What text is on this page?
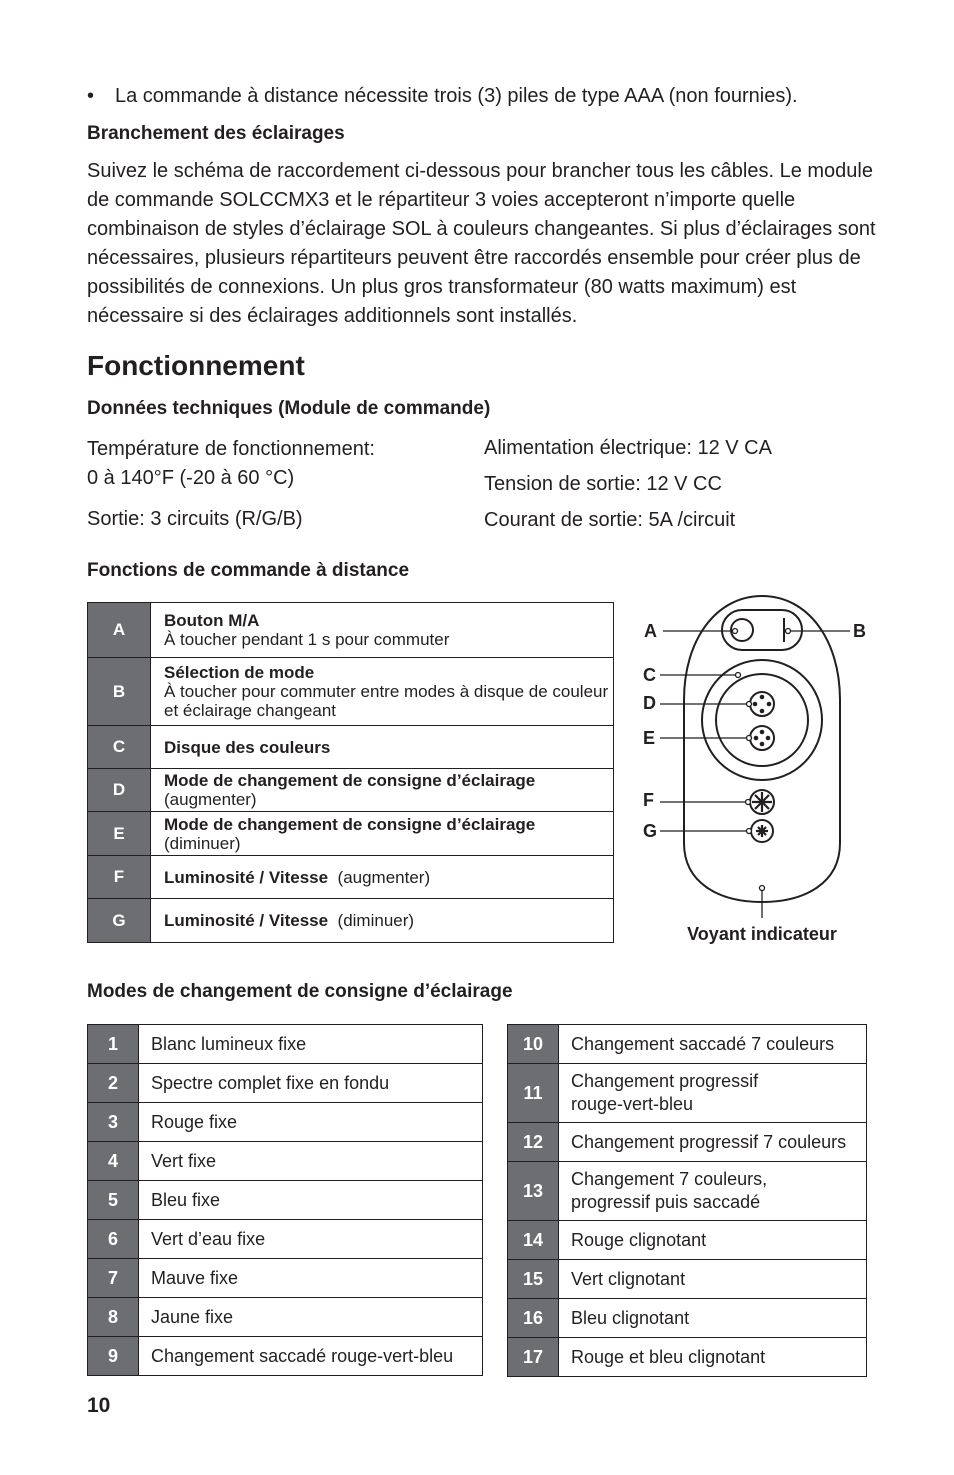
• La commande à distance nécessite trois (3) piles de type AAA (non fournies).
Branchement des éclairages
Suivez le schéma de raccordement ci-dessous pour brancher tous les câbles. Le module de commande SOLCCMX3 et le répartiteur 3 voies accepteront n’importe quelle combinaison de styles d’éclairage SOL à couleurs changeantes. Si plus d’éclairages sont nécessaires, plusieurs répartiteurs peuvent être raccordés ensemble pour créer plus de possibilités de connexions. Un plus gros transformateur (80 watts maximum) est nécessaire si des éclairages additionnels sont installés.
Fonctionnement
Données techniques (Module de commande)
Température de fonctionnement:
0 à 140°F (-20 à 60 °C)
Sortie: 3 circuits (R/G/B)
Alimentation électrique: 12 V CA
Tension de sortie: 12 V CC
Courant de sortie: 5A /circuit
Fonctions de commande à distance
A	Bouton M/A
À toucher pendant 1 s pour commuter

B	Sélection de mode
À toucher pour commuter entre modes à disque de couleur et éclairage changeant

C	Disque des couleurs

D	Mode de changement de consigne d’éclairage
(augmenter)

E	Mode de changement de consigne d’éclairage
(diminuer)

F	Luminosité / Vitesse (augmenter)
G	Luminosité / Vitesse (diminuer)
A	B
C
D
E
F
G
Voyant indicateur
Modes de changement de consigne d’éclairage
1	Blanc lumineux fixe
2	Spectre complet fixe en fondu
3	Rouge fixe
4	Vert fixe
5	Bleu fixe
6	Vert d’eau fixe
7	Mauve fixe
8	Jaune fixe
9	Changement saccadé rouge-vert-bleu
10	Changement saccadé 7 couleurs
11	Changement progressif rouge-vert-bleu
12	Changement progressif 7 couleurs
13	Changement 7 couleurs, progressif puis saccadé
14	Rouge clignotant
15	Vert clignotant
16	Bleu clignotant
17	Rouge et bleu clignotant
10
